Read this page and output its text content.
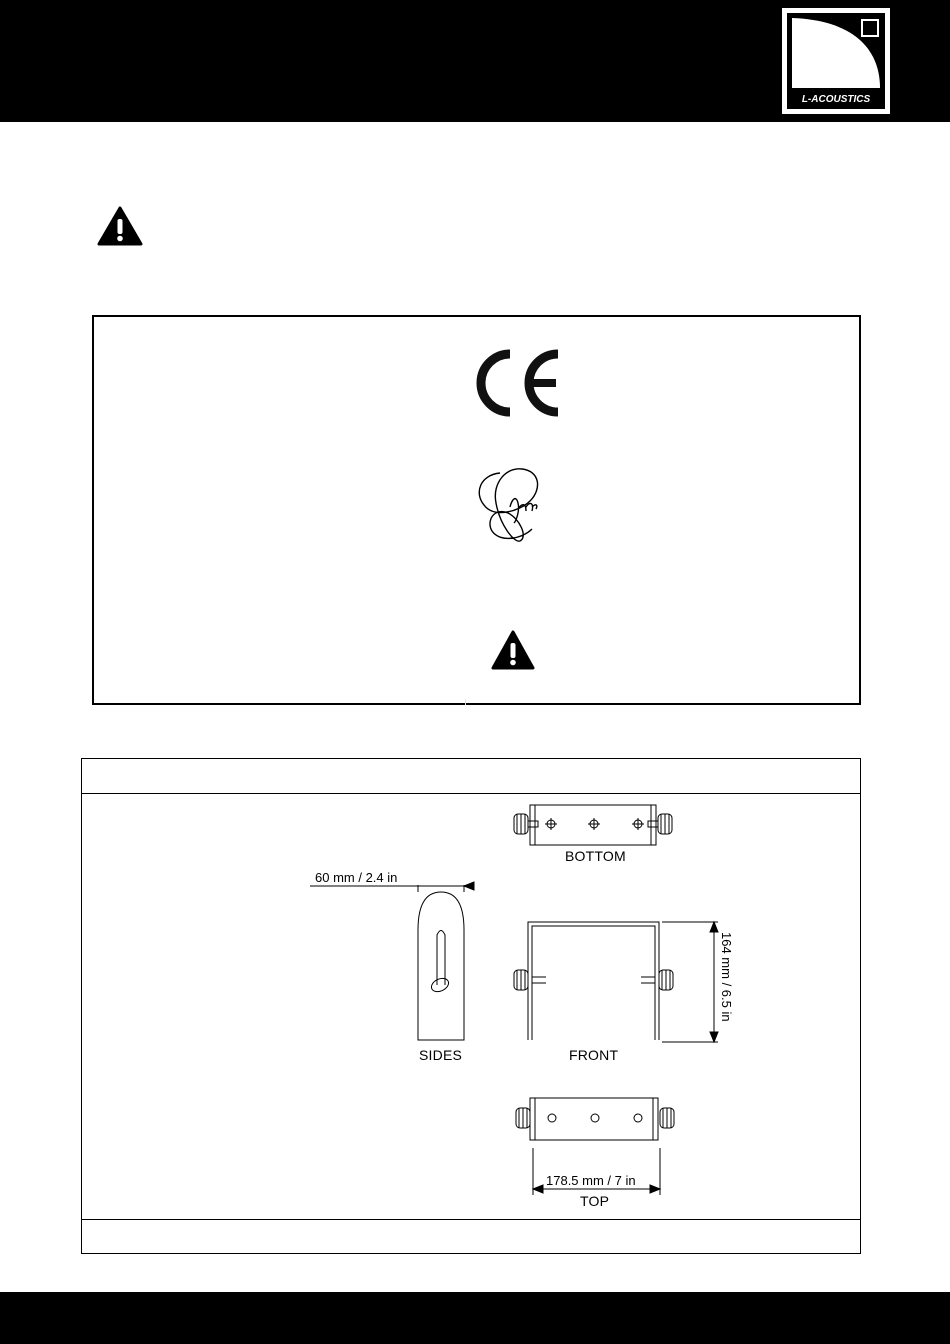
L-ACOUSTICS
BOTTOM
SIDES	FRONT
TOP
60 mm / 2.4 in
164 mm / 6.5 in
178.5 mm / 7 in
